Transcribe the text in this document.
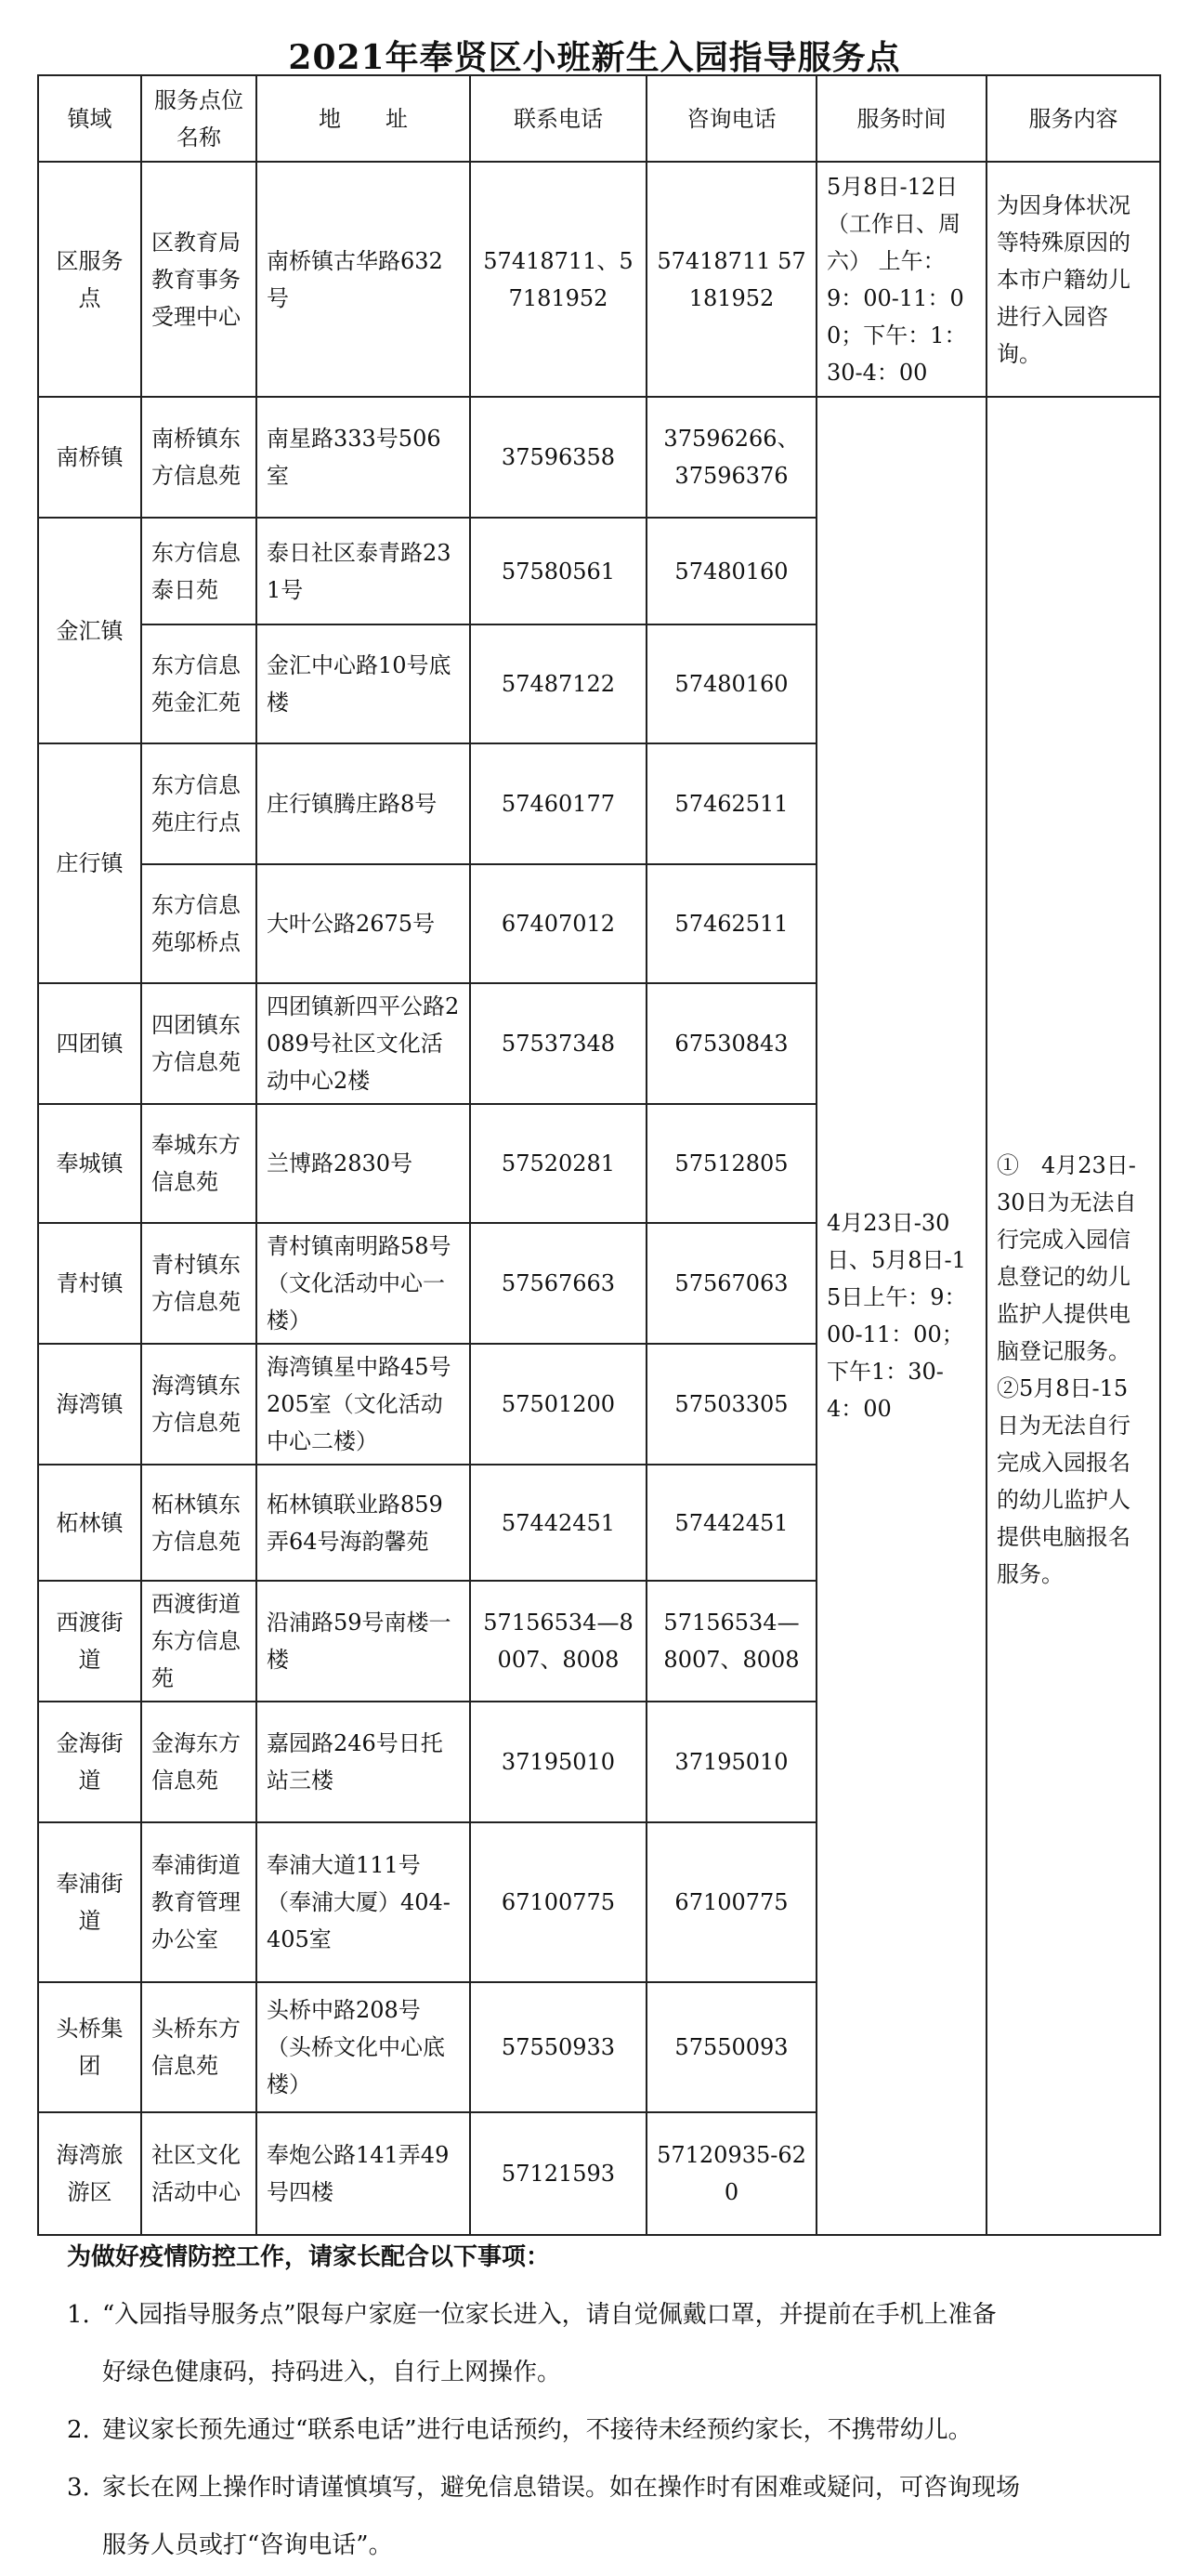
2021年奉贤区小班新生入园指导服务点
镇域	服务点位名称	地　　址	联系电话	咨询电话	服务时间	服务内容
区服务点	区教育局教育事务受理中心	南桥镇古华路632号	57418711、57181952	57418711 57181952	5月8日-12日（工作日、周六） 上午：9：00-11：00；下午：1：30-4：00	为因身体状况等特殊原因的本市户籍幼儿进行入园咨询。
南桥镇	南桥镇东方信息苑	南星路333号506室	37596358	37596266、37596376	4月23日-30日、5月8日-15日上午：9：00-11：00；　下午1：30-4：00	①　4月23日-30日为无法自行完成入园信息登记的幼儿监护人提供电脑登记服务。②5月8日-15日为无法自行完成入园报名的幼儿监护人提供电脑报名服务。
金汇镇	东方信息泰日苑	泰日社区泰青路231号	57580561	57480160		
	东方信息苑金汇苑	金汇中心路10号底楼	57487122	57480160		
庄行镇	东方信息苑庄行点	庄行镇腾庄路8号	57460177	57462511		
	东方信息苑邬桥点	大叶公路2675号	67407012	57462511		
四团镇	四团镇东方信息苑	四团镇新四平公路2089号社区文化活动中心2楼	57537348	67530843		
奉城镇	奉城东方信息苑	兰博路2830号	57520281	57512805		
青村镇	青村镇东方信息苑	青村镇南明路58号（文化活动中心一楼）	57567663	57567063		
海湾镇	海湾镇东方信息苑	海湾镇星中路45号205室（文化活动中心二楼）	57501200	57503305		
柘林镇	柘林镇东方信息苑	柘林镇联业路859弄64号海韵馨苑	57442451	57442451		
西渡街道	西渡街道东方信息苑	沿浦路59号南楼一楼	57156534—8007、8008	57156534—8007、8008		
金海街道	金海东方信息苑	嘉园路246号日托站三楼	37195010	37195010		
奉浦街道	奉浦街道教育管理办公室	奉浦大道111号（奉浦大厦）404-405室	67100775	67100775		
头桥集团	头桥东方信息苑	头桥中路208号（头桥文化中心底楼）	57550933	57550093		
海湾旅游区	社区文化活动中心	奉炮公路141弄49号四楼	57121593	57120935-620		
为做好疫情防控工作，请家长配合以下事项：
1. “入园指导服务点”限每户家庭一位家长进入，请自觉佩戴口罩，并提前在手机上准备
好绿色健康码，持码进入，自行上网操作。
2. 建议家长预先通过“联系电话”进行电话预约，不接待未经预约家长，不携带幼儿。
3. 家长在网上操作时请谨慎填写，避免信息错误。如在操作时有困难或疑问，可咨询现场
服务人员或打“咨询电话”。
